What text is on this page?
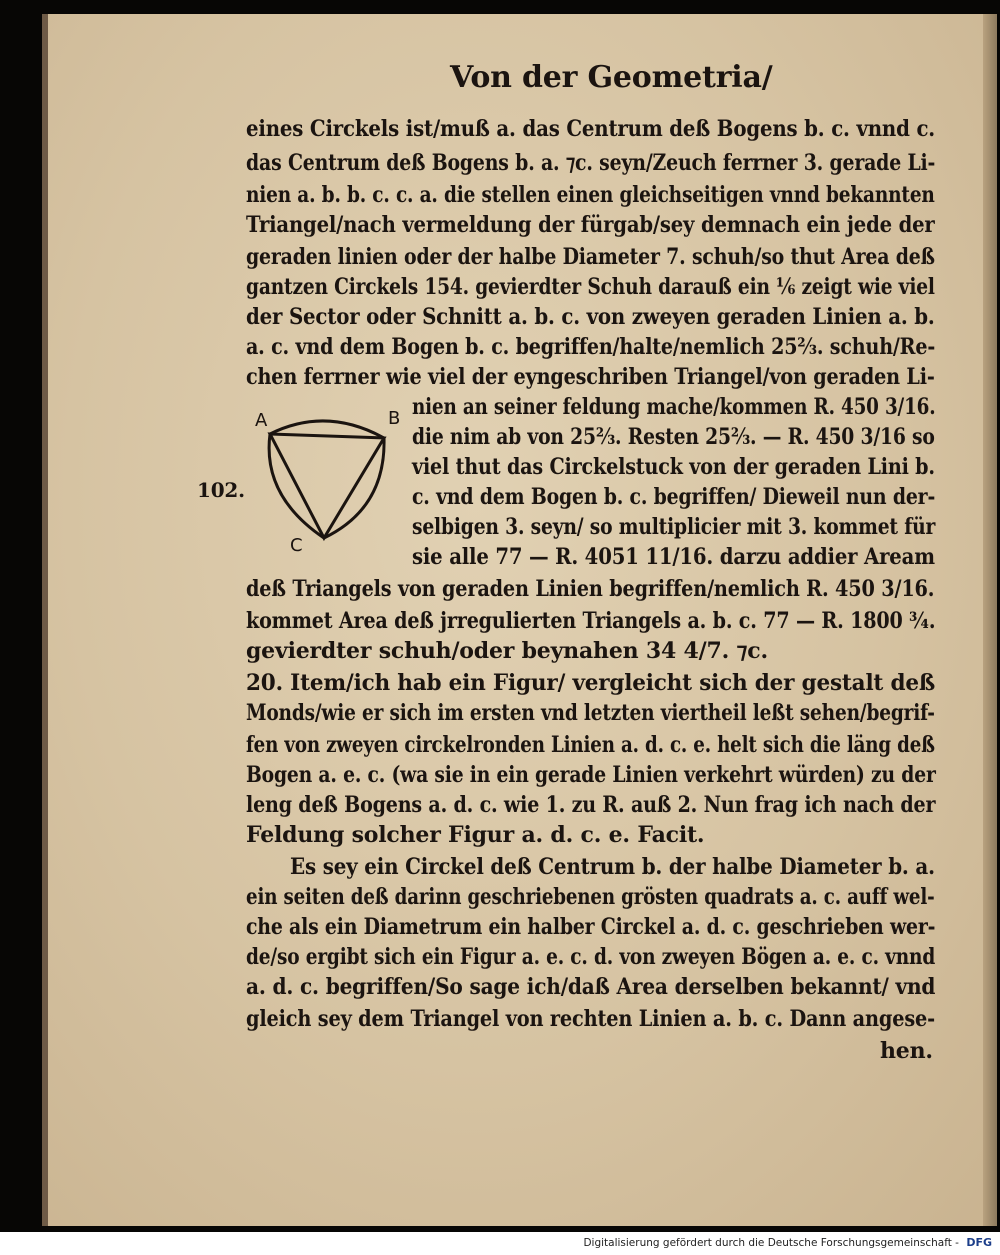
Von der Geometria/
eines Circkels ist/muß a. das Centrum deß Bogens b. c. vnnd c.
das Centrum deß Bogens b. a. ⁊c. seyn/Zeuch ferrner 3. gerade Li-
nien a. b. b. c. c. a. die stellen einen gleichseitigen vnnd bekannten
Triangel/nach vermeldung der fürgab/sey demnach ein jede der
geraden linien oder der halbe Diameter 7. schuh/so thut Area deß
gantzen Circkels 154. gevierdter Schuh darauß ein ⅙ zeigt wie viel
der Sector oder Schnitt a. b. c. von zweyen geraden Linien a. b.
a. c. vnd dem Bogen b. c. begriffen/halte/nemlich 25⅔. schuh/Re-
chen ferrner wie viel der eyngeschriben Triangel/von geraden Li-
A	B
C
102.
nien an seiner feldung mache/kommen R. 450 3/16.
die nim ab von 25⅔. Resten 25⅔. — R. 450 3/16 so
viel thut das Circkelstuck von der geraden Lini b.
c. vnd dem Bogen b. c. begriffen/ Dieweil nun der-
selbigen 3. seyn/ so multiplicier mit 3. kommet für
sie alle 77 — R. 4051 11/16. darzu addier Aream
deß Triangels von geraden Linien begriffen/nemlich R. 450 3/16.
kommet Area deß jrregulierten Triangels a. b. c. 77 — R. 1800 ¾.
gevierdter schuh/oder beynahen 34 4/7. ⁊c.
20. Item/ich hab ein Figur/ vergleicht sich der gestalt deß
Monds/wie er sich im ersten vnd letzten viertheil leßt sehen/begrif-
fen von zweyen circkelronden Linien a. d. c. e. helt sich die läng deß
Bogen a. e. c. (wa sie in ein gerade Linien verkehrt würden) zu der
leng deß Bogens a. d. c. wie 1. zu R. auß 2. Nun frag ich nach der
Feldung solcher Figur a. d. c. e. Facit.
Es sey ein Circkel deß Centrum b. der halbe Diameter b. a.
ein seiten deß darinn geschriebenen grösten quadrats a. c. auff wel-
che als ein Diametrum ein halber Circkel a. d. c. geschrieben wer-
de/so ergibt sich ein Figur a. e. c. d. von zweyen Bögen a. e. c. vnnd
a. d. c. begriffen/So sage ich/daß Area derselben bekannt/ vnd
gleich sey dem Triangel von rechten Linien a. b. c. Dann angese-
hen.
Digitalisierung gefördert durch die Deutsche Forschungsgemeinschaft - DFG
